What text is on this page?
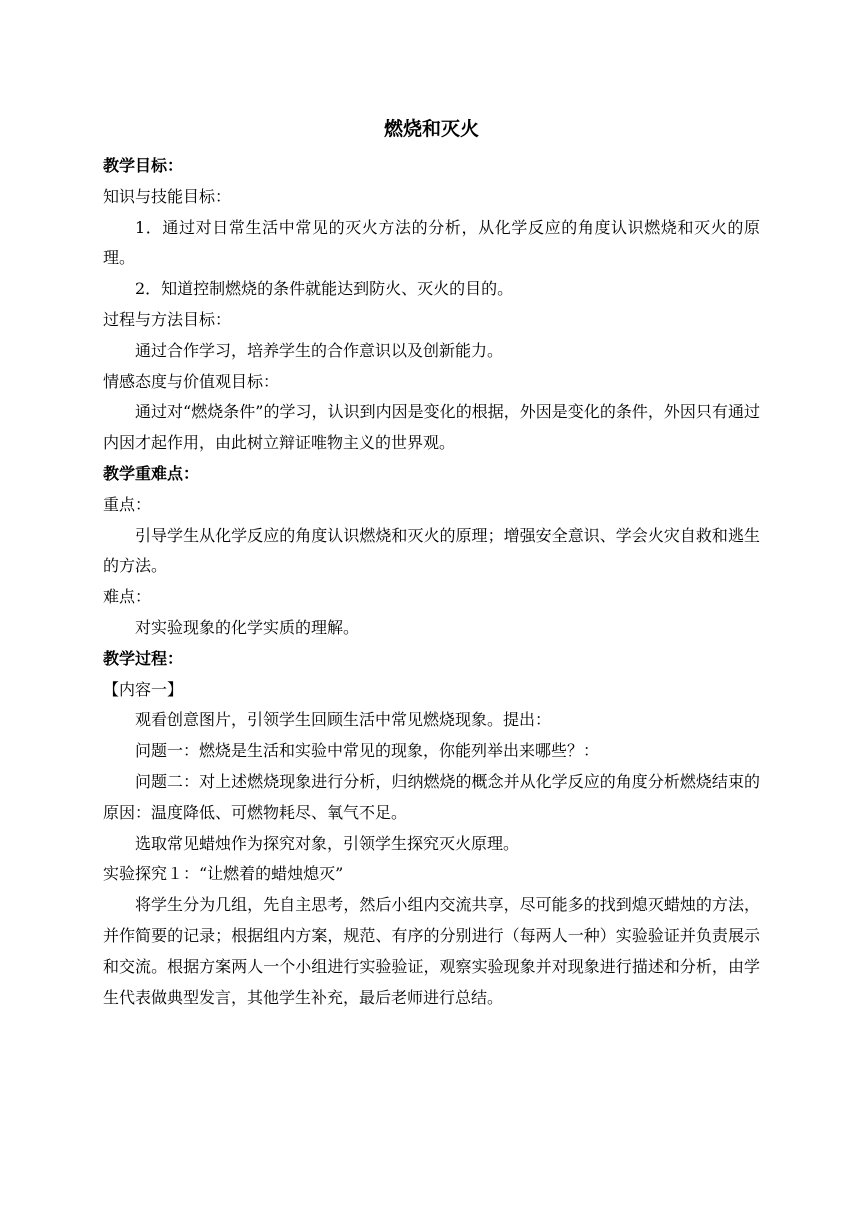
燃烧和灭火
教学目标：
知识与技能目标：
1．通过对日常生活中常见的灭火方法的分析，从化学反应的角度认识燃烧和灭火的原理。
2．知道控制燃烧的条件就能达到防火、灭火的目的。
过程与方法目标：
通过合作学习，培养学生的合作意识以及创新能力。
情感态度与价值观目标：
通过对“燃烧条件”的学习，认识到内因是变化的根据，外因是变化的条件，外因只有通过内因才起作用，由此树立辩证唯物主义的世界观。
教学重难点：
重点：
引导学生从化学反应的角度认识燃烧和灭火的原理；增强安全意识、学会火灾自救和逃生的方法。
难点：
对实验现象的化学实质的理解。
教学过程：
【内容一】
观看创意图片，引领学生回顾生活中常见燃烧现象。提出：
问题一：燃烧是生活和实验中常见的现象，你能列举出来哪些？：
问题二：对上述燃烧现象进行分析，归纳燃烧的概念并从化学反应的角度分析燃烧结束的原因：温度降低、可燃物耗尽、氧气不足。
选取常见蜡烛作为探究对象，引领学生探究灭火原理。
实验探究１：“让燃着的蜡烛熄灭”
将学生分为几组，先自主思考，然后小组内交流共享，尽可能多的找到熄灭蜡烛的方法，并作简要的记录；根据组内方案，规范、有序的分别进行（每两人一种）实验验证并负责展示和交流。根据方案两人一个小组进行实验验证，观察实验现象并对现象进行描述和分析，由学生代表做典型发言，其他学生补充，最后老师进行总结。
